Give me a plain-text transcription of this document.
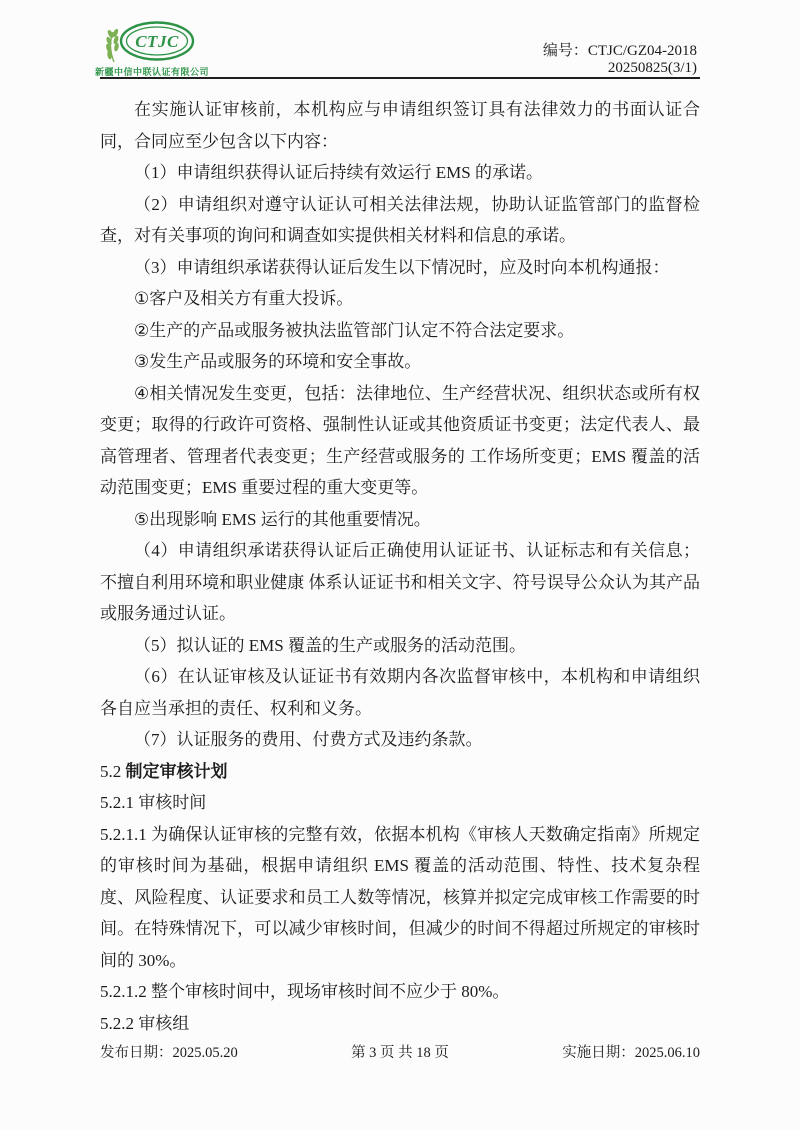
CTJC
新疆中信中联认证有限公司
编号：CTJC/GZ04-2018
20250825(3/1)

在实施认证审核前，本机构应与申请组织签订具有法律效力的书面认证合同，合同应至少包含以下内容：

（1）申请组织获得认证后持续有效运行 EMS 的承诺。

（2）申请组织对遵守认证认可相关法律法规，协助认证监管部门的监督检查，对有关事项的询问和调查如实提供相关材料和信息的承诺。

（3）申请组织承诺获得认证后发生以下情况时，应及时向本机构通报：

①客户及相关方有重大投诉。

②生产的产品或服务被执法监管部门认定不符合法定要求。

③发生产品或服务的环境和安全事故。

④相关情况发生变更，包括：法律地位、生产经营状况、组织状态或所有权变更；取得的行政许可资格、强制性认证或其他资质证书变更；法定代表人、最高管理者、管理者代表变更；生产经营或服务的 工作场所变更；EMS 覆盖的活动范围变更；EMS 重要过程的重大变更等。

⑤出现影响 EMS 运行的其他重要情况。

（4）申请组织承诺获得认证后正确使用认证证书、认证标志和有关信息；不擅自利用环境和职业健康 体系认证证书和相关文字、符号误导公众认为其产品或服务通过认证。

（5）拟认证的 EMS 覆盖的生产或服务的活动范围。

（6）在认证审核及认证证书有效期内各次监督审核中，本机构和申请组织各自应当承担的责任、权利和义务。

（7）认证服务的费用、付费方式及违约条款。

5.2 制定审核计划

5.2.1 审核时间

5.2.1.1 为确保认证审核的完整有效，依据本机构《审核人天数确定指南》所规定的审核时间为基础，根据申请组织 EMS 覆盖的活动范围、特性、技术复杂程度、风险程度、认证要求和员工人数等情况，核算并拟定完成审核工作需要的时间。在特殊情况下，可以减少审核时间，但减少的时间不得超过所规定的审核时间的 30%。

5.2.1.2 整个审核时间中，现场审核时间不应少于 80%。

5.2.2 审核组

发布日期：2025.05.20	第 3 页 共 18 页	实施日期：2025.06.10
